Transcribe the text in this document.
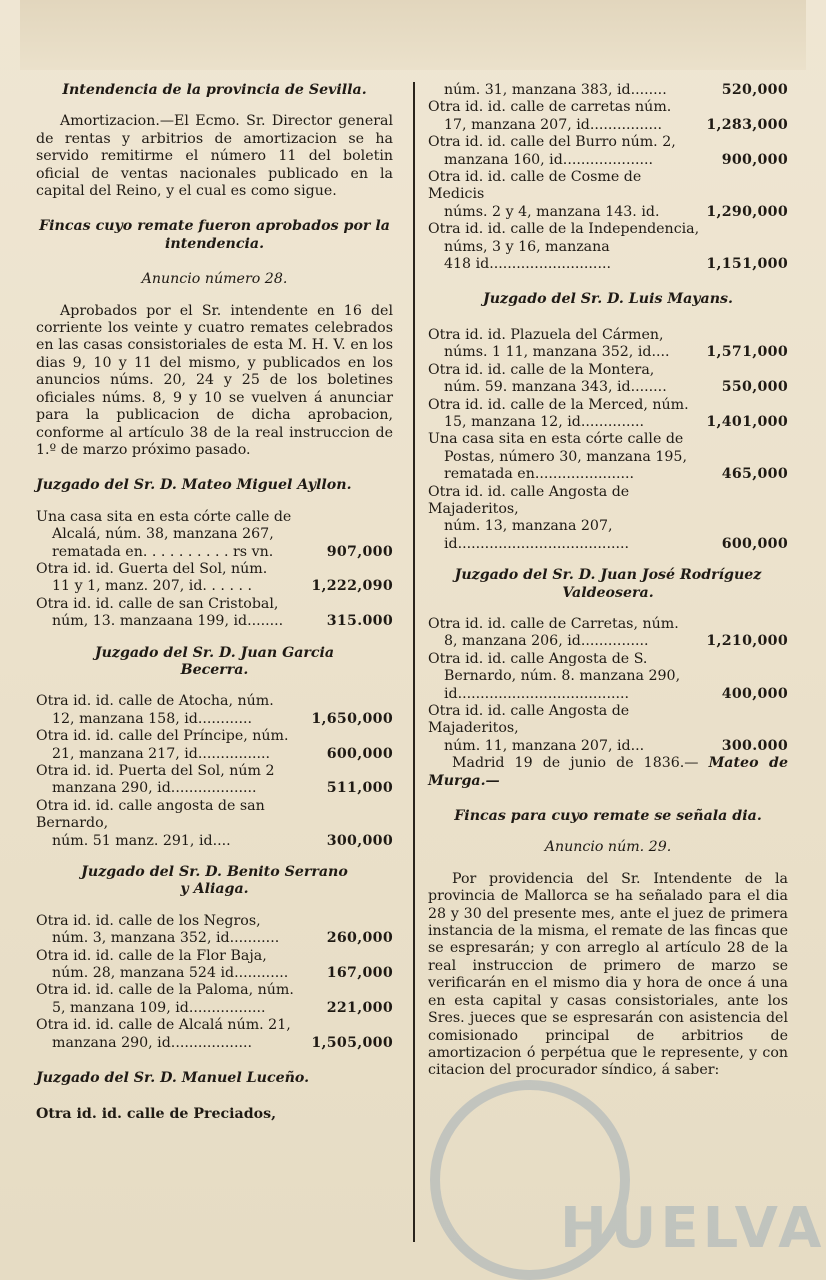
Intendencia de la provincia de Sevilla.

Amortizacion.—El Ecmo. Sr. Director general de rentas y arbitrios de amortizacion se ha servido remitirme el número 11 del boletin oficial de ventas nacionales publicado en la capital del Reino, y el cual es como sigue.

Fincas cuyo remate fueron aprobados por la intendencia.

Anuncio número 28.

Aprobados por el Sr. intendente en 16 del corriente los veinte y cuatro remates celebrados en las casas consistoriales de esta M. H. V. en los dias 9, 10 y 11 del mismo, y publicados en los anuncios núms. 20, 24 y 25 de los boletines oficiales núms. 8, 9 y 10 se vuelven á anunciar para la publicacion de dicha aprobacion, conforme al artículo 38 de la real instruccion de 1.º de marzo próximo pasado.

Juzgado del Sr. D. Mateo Miguel Ayllon.

Una casa sita en esta córte calle de
Alcalá, núm. 38, manzana 267,
rematada en. . . . . . . . . . rs vn.	907,000
Otra id. id. Guerta del Sol, núm.
11 y 1, manz. 207, id. . . . . .	1,222,090
Otra id. id. calle de san Cristobal,
núm, 13. manzaana 199, id........	315.000

Juzgado del Sr. D. Juan Garcia
Becerra.

Otra id. id. calle de Atocha, núm.
12, manzana 158, id............	1,650,000
Otra id. id. calle del Príncipe, núm.
21, manzana 217, id................	600,000
Otra id. id. Puerta del Sol, núm 2
manzana 290, id...................	511,000
Otra id. id. calle angosta de san Bernardo,
núm. 51 manz. 291, id....	300,000

Juzgado del Sr. D. Benito Serrano
y Aliaga.

Otra id. id. calle de los Negros,
núm. 3, manzana 352, id...........	260,000
Otra id. id. calle de la Flor Baja,
núm. 28, manzana 524 id............	167,000
Otra id. id. calle de la Paloma, núm.
5, manzana 109, id.................	221,000
Otra id. id. calle de Alcalá núm. 21,
manzana 290, id..................	1,505,000

Juzgado del Sr. D. Manuel Luceño.

Otra id. id. calle de Preciados,

núm. 31, manzana 383, id........	520,000
Otra id. id. calle de carretas núm.
17, manzana 207, id................	1,283,000
Otra id. id. calle del Burro núm. 2,
manzana 160, id....................	900,000
Otra id. id. calle de Cosme de Medicis
núms. 2 y 4, manzana 143. id.	1,290,000
Otra id. id. calle de la Independencia,
núms, 3 y 16, manzana
418 id...........................	1,151,000

Juzgado del Sr. D. Luis Mayans.

Otra id. id. Plazuela del Cármen,
núms. 1 11, manzana 352, id....	1,571,000
Otra id. id. calle de la Montera,
núm. 59. manzana 343, id........	550,000
Otra id. id. calle de la Merced, núm.
15, manzana 12, id..............	1,401,000
Una casa sita en esta córte calle de
Postas, número 30, manzana 195,
rematada en......................	465,000
Otra id. id. calle Angosta de Majaderitos,
núm. 13, manzana 207,
id......................................	600,000

Juzgado del Sr. D. Juan José Rodríguez
Valdeosera.

Otra id. id. calle de Carretas, núm.
8, manzana 206, id...............	1,210,000
Otra id. id. calle Angosta de S.
Bernardo, núm. 8. manzana 290,
id......................................	400,000
Otra id. id. calle Angosta de Majaderitos,
núm. 11, manzana 207, id...	300.000

Madrid 19 de junio de 1836.— Mateo de Murga.—

Fincas para cuyo remate se señala dia.

Anuncio núm. 29.

Por providencia del Sr. Intendente de la provincia de Mallorca se ha señalado para el dia 28 y 30 del presente mes, ante el juez de primera instancia de la misma, el remate de las fincas que se espresarán; y con arreglo al artículo 28 de la real instruccion de primero de marzo se verificarán en el mismo dia y hora de once á una en esta capital y casas consistoriales, ante los Sres. jueces que se espresarán con asistencia del comisionado principal de arbitrios de amortizacion ó perpétua que le represente, y con citacion del procurador síndico, á saber:

HUELVA
